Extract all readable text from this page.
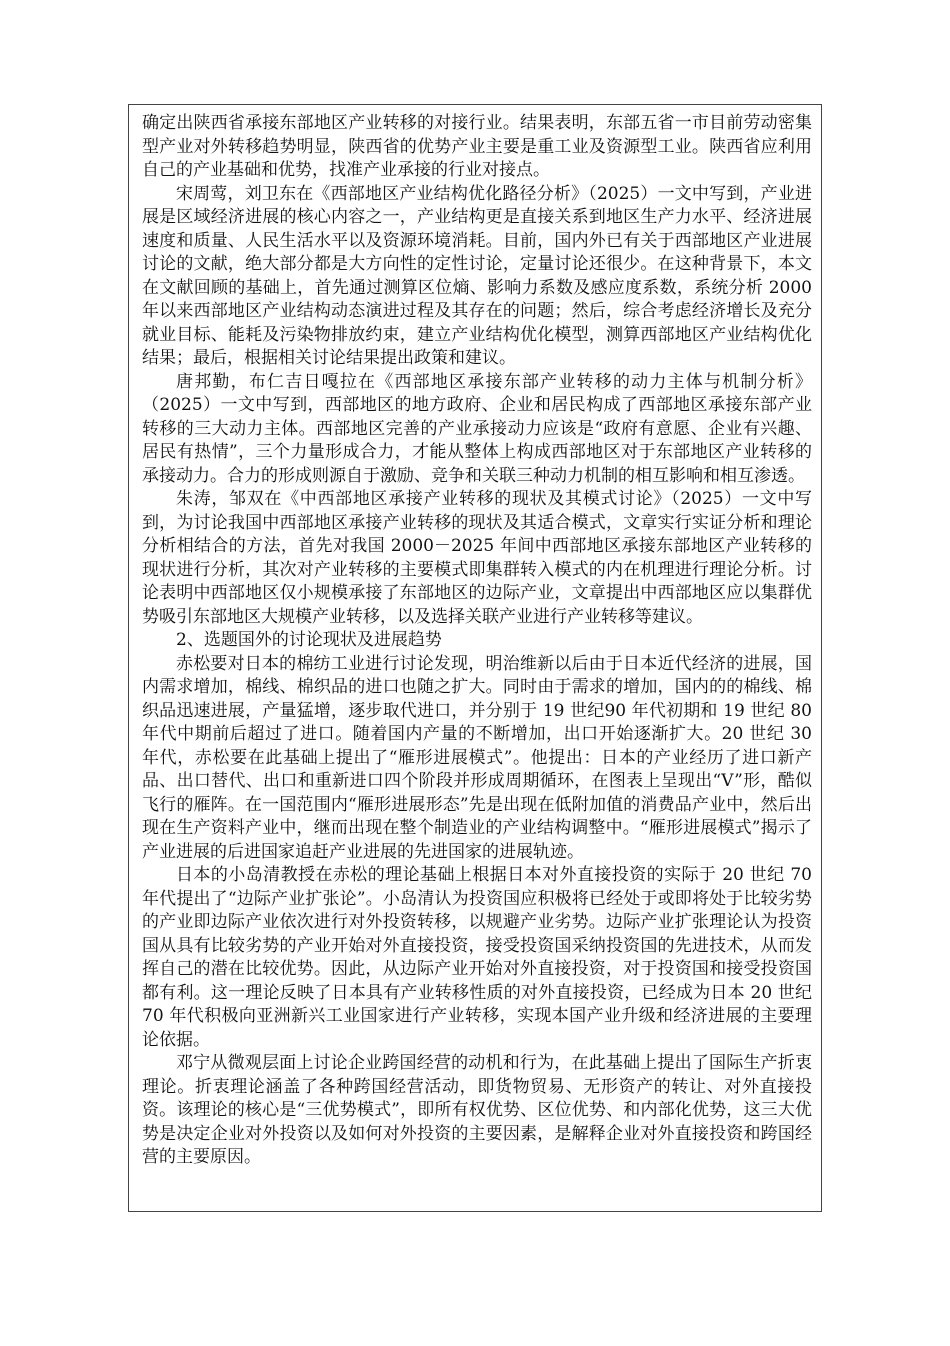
确定出陕西省承接东部地区产业转移的对接行业。结果表明，东部五省一市目前劳动密集型产业对外转移趋势明显，陕西省的优势产业主要是重工业及资源型工业。陕西省应利用自己的产业基础和优势，找准产业承接的行业对接点。

宋周莺，刘卫东在《西部地区产业结构优化路径分析》（2025）一文中写到，产业进展是区域经济进展的核心内容之一，产业结构更是直接关系到地区生产力水平、经济进展速度和质量、人民生活水平以及资源环境消耗。目前，国内外已有关于西部地区产业进展讨论的文献，绝大部分都是大方向性的定性讨论，定量讨论还很少。在这种背景下，本文在文献回顾的基础上，首先通过测算区位熵、影响力系数及感应度系数，系统分析 2000 年以来西部地区产业结构动态演进过程及其存在的问题；然后，综合考虑经济增长及充分就业目标、能耗及污染物排放约束，建立产业结构优化模型，测算西部地区产业结构优化结果；最后，根据相关讨论结果提出政策和建议。

唐邦勤，布仁吉日嘎拉在《西部地区承接东部产业转移的动力主体与机制分析》（2025）一文中写到，西部地区的地方政府、企业和居民构成了西部地区承接东部产业转移的三大动力主体。西部地区完善的产业承接动力应该是“政府有意愿、企业有兴趣、居民有热情”，三个力量形成合力，才能从整体上构成西部地区对于东部地区产业转移的承接动力。合力的形成则源自于激励、竞争和关联三种动力机制的相互影响和相互渗透。

朱涛，邹双在《中西部地区承接产业转移的现状及其模式讨论》（2025）一文中写到，为讨论我国中西部地区承接产业转移的现状及其适合模式，文章实行实证分析和理论分析相结合的方法，首先对我国 2000－2025 年间中西部地区承接东部地区产业转移的现状进行分析，其次对产业转移的主要模式即集群转入模式的内在机理进行理论分析。讨论表明中西部地区仅小规模承接了东部地区的边际产业，文章提出中西部地区应以集群优势吸引东部地区大规模产业转移，以及选择关联产业进行产业转移等建议。

2、选题国外的讨论现状及进展趋势

赤松要对日本的棉纺工业进行讨论发现，明治维新以后由于日本近代经济的进展，国内需求增加，棉线、棉织品的进口也随之扩大。同时由于需求的增加，国内的的棉线、棉织品迅速进展，产量猛增，逐步取代进口，并分别于 19 世纪90 年代初期和 19 世纪 80 年代中期前后超过了进口。随着国内产量的不断增加，出口开始逐渐扩大。20 世纪 30 年代，赤松要在此基础上提出了“雁形进展模式”。他提出：日本的产业经历了进口新产品、出口替代、出口和重新进口四个阶段并形成周期循环，在图表上呈现出“V”形，酷似飞行的雁阵。在一国范围内“雁形进展形态”先是出现在低附加值的消费品产业中，然后出现在生产资料产业中，继而出现在整个制造业的产业结构调整中。“雁形进展模式”揭示了产业进展的后进国家追赶产业进展的先进国家的进展轨迹。

日本的小岛清教授在赤松的理论基础上根据日本对外直接投资的实际于 20 世纪 70 年代提出了“边际产业扩张论”。小岛清认为投资国应积极将已经处于或即将处于比较劣势的产业即边际产业依次进行对外投资转移，以规避产业劣势。边际产业扩张理论认为投资国从具有比较劣势的产业开始对外直接投资，接受投资国采纳投资国的先进技术，从而发挥自己的潜在比较优势。因此，从边际产业开始对外直接投资，对于投资国和接受投资国都有利。这一理论反映了日本具有产业转移性质的对外直接投资，已经成为日本 20 世纪 70 年代积极向亚洲新兴工业国家进行产业转移，实现本国产业升级和经济进展的主要理论依据。

邓宁从微观层面上讨论企业跨国经营的动机和行为，在此基础上提出了国际生产折衷理论。折衷理论涵盖了各种跨国经营活动，即货物贸易、无形资产的转让、对外直接投资。该理论的核心是“三优势模式”，即所有权优势、区位优势、和内部化优势，这三大优势是决定企业对外投资以及如何对外投资的主要因素，是解释企业对外直接投资和跨国经营的主要原因。
